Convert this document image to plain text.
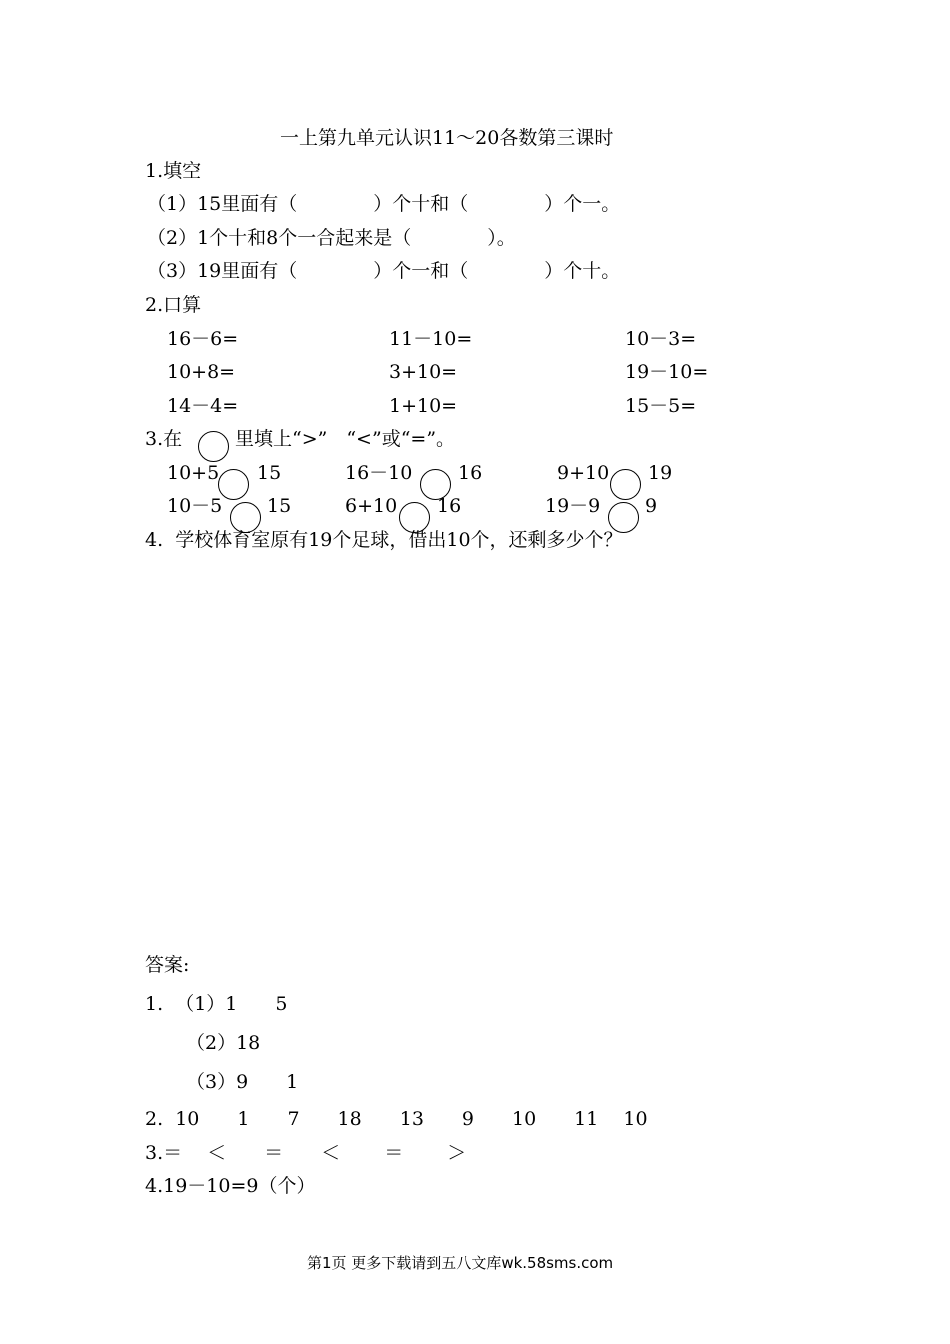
一上第九单元认识11～20各数第三课时
1.填空
（1）15里面有（　　　　）个十和（　　　　）个一。
（2）1个十和8个一合起来是（　　　　）。
（3）19里面有（　　　　）个一和（　　　　）个十。
2.口算
16－6=	11－10=	10－3=
10+8=	3+10=	19－10=
14－4=	1+10=	15－5=
3.在	里填上“>”　“<”或“=”。
10+5 15	16－10 16	9+10 19
10－5 15	6+10 16	19－9 9
4.  学校体育室原有19个足球，借出10个，还剩多少个？
答案:
1.  （1）1　　5
（2）18
（3）9　　1
2.  10　　1　　7　　18　　13　　9　　10　　11　 10
3.＝　 ＜　　＝　　＜　　 ＝　　 ＞
4.19－10=9（个）
第1页 更多下载请到五八文库wk.58sms.com
